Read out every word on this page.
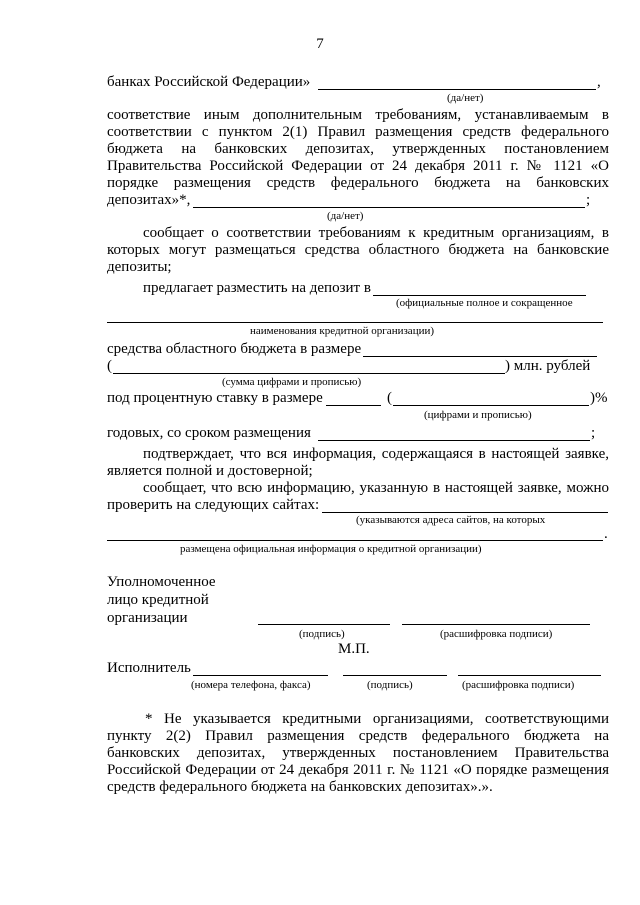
7
банках Российской Федерации»	,
(да/нет)
соответствие иным дополнительным требованиям, устанавливаемым в
соответствии с пунктом 2(1) Правил размещения средств федерального
бюджета на банковских депозитах, утвержденных постановлением
Правительства Российской Федерации от 24 декабря 2011 г. № 1121 «О
порядке размещения средств федерального бюджета на банковских
депозитах»*,	;
(да/нет)
сообщает о соответствии требованиям к кредитным организациям, в
которых могут размещаться средства областного бюджета на банковские
депозиты;
предлагает разместить на депозит в
(официальные полное и сокращенное
наименования кредитной организации)
средства областного бюджета в размере
(	) млн. рублей
(сумма цифрами и прописью)
под процентную ставку в размере	(	)%
(цифрами и прописью)
годовых, со сроком размещения	;
подтверждает, что вся информация, содержащаяся в настоящей заявке,
является полной и достоверной;
сообщает, что всю информацию, указанную в настоящей заявке, можно
проверить на следующих сайтах:
(указываются адреса сайтов, на которых
.
размещена официальная информация о кредитной организации)
Уполномоченное
лицо кредитной
организации
(подпись)	(расшифровка подписи)
М.П.
Исполнитель
(номера телефона, факса)	(подпись)	(расшифровка подписи)
* Не указывается кредитными организациями, соответствующими
пункту 2(2) Правил размещения средств федерального бюджета на
банковских депозитах, утвержденных постановлением Правительства
Российской Федерации от 24 декабря 2011 г. № 1121 «О порядке размещения
средств федерального бюджета на банковских депозитах».».
